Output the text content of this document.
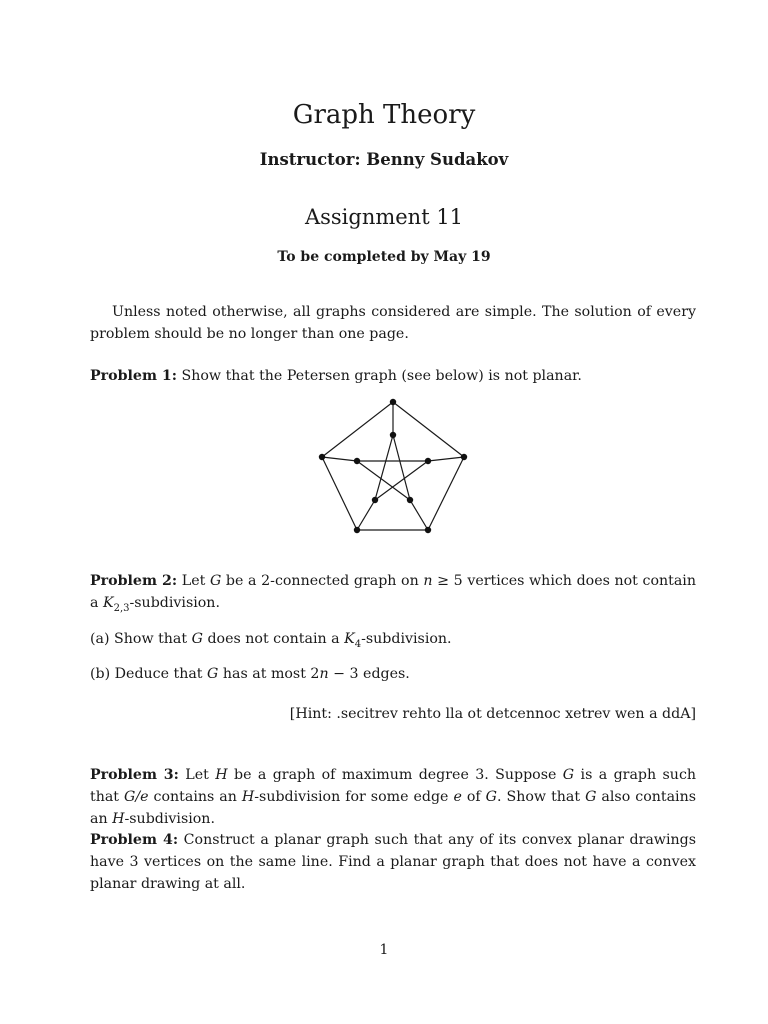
Graph Theory
Instructor: Benny Sudakov
Assignment 11
To be completed by May 19
Unless noted otherwise, all graphs considered are simple. The solution of every problem should be no longer than one page.
Problem 1: Show that the Petersen graph (see below) is not planar.
Problem 2: Let G be a 2-connected graph on n ≥ 5 vertices which does not contain a $K_{2,3}$-subdivision.
(a) Show that G does not contain a $K_4$-subdivision.
(b) Deduce that G has at most 2n − 3 edges.
[Hint: .secitrev rehto lla ot detcennoc xetrev wen a ddA]
Problem 3: Let H be a graph of maximum degree 3. Suppose G is a graph such that G/e contains an H-subdivision for some edge e of G. Show that G also contains an H-subdivision.
Problem 4: Construct a planar graph such that any of its convex planar drawings have 3 vertices on the same line. Find a planar graph that does not have a convex planar drawing at all.
1
